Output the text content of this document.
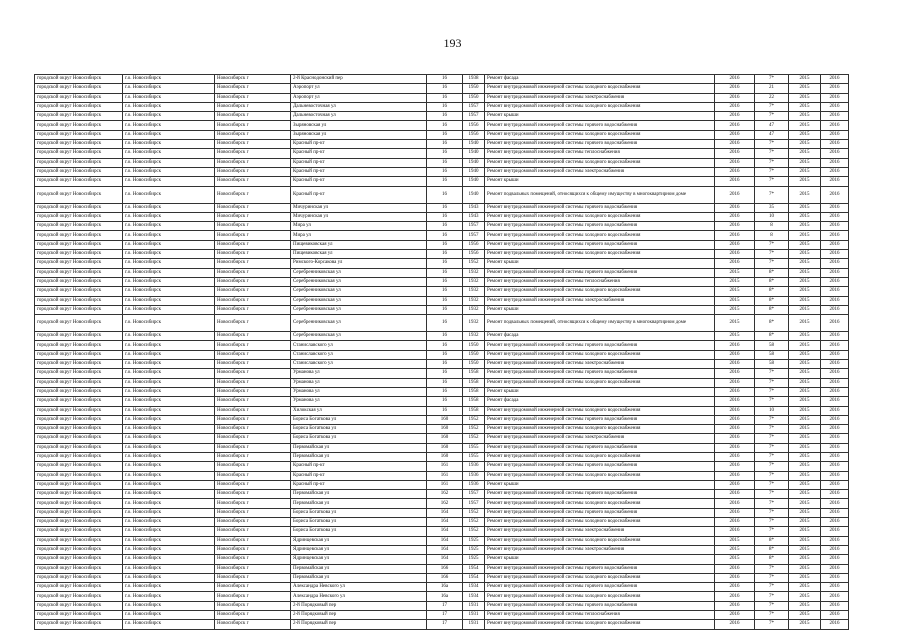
193
городской округ Новосибирск	г.о. Новосибирск	Новосибирск г	2-й Краснодонский пер	16	1938	Ремонт фасада	2016	7*	2015	2016
городской округ Новосибирск	г.о. Новосибирск	Новосибирск г	Аэропорт ул	16	1950	Ремонт внутридомовой инженерной системы холодного водоснабжения	2016	21	2015	2016
городской округ Новосибирск	г.о. Новосибирск	Новосибирск г	Аэропорт ул	16	1950	Ремонт внутридомовой инженерной системы электроснабжения	2016	22	2015	2016
городской округ Новосибирск	г.о. Новосибирск	Новосибирск г	Дальневосточная ул	16	1957	Ремонт внутридомовой инженерной системы холодного водоснабжения	2016	7*	2015	2016
городской округ Новосибирск	г.о. Новосибирск	Новосибирск г	Дальневосточная ул	16	1957	Ремонт крыши	2016	7*	2015	2016
городской округ Новосибирск	г.о. Новосибирск	Новосибирск г	Зыряновская ул	16	1956	Ремонт внутридомовой инженерной системы горячего водоснабжения	2016	47	2015	2016
городской округ Новосибирск	г.о. Новосибирск	Новосибирск г	Зыряновская ул	16	1956	Ремонт внутридомовой инженерной системы холодного водоснабжения	2016	47	2015	2016
городской округ Новосибирск	г.о. Новосибирск	Новосибирск г	Красный пр-кт	16	1940	Ремонт внутридомовой инженерной системы горячего водоснабжения	2016	7*	2015	2016
городской округ Новосибирск	г.о. Новосибирск	Новосибирск г	Красный пр-кт	16	1940	Ремонт внутридомовой инженерной системы теплоснабжения	2016	7*	2015	2016
городской округ Новосибирск	г.о. Новосибирск	Новосибирск г	Красный пр-кт	16	1940	Ремонт внутридомовой инженерной системы холодного водоснабжения	2016	7*	2015	2016
городской округ Новосибирск	г.о. Новосибирск	Новосибирск г	Красный пр-кт	16	1940	Ремонт внутридомовой инженерной системы электроснабжения	2016	7*	2015	2016
городской округ Новосибирск	г.о. Новосибирск	Новосибирск г	Красный пр-кт	16	1940	Ремонт крыши	2016	7*	2015	2016
городской округ Новосибирск	г.о. Новосибирск	Новосибирск г	Красный пр-кт	16	1940	Ремонт подвальных помещений, относящихся к общему имуществу в многоквартирном доме	2016	7*	2015	2016
городской округ Новосибирск	г.о. Новосибирск	Новосибирск г	Мичуринская ул	16	1943	Ремонт внутридомовой инженерной системы горячего водоснабжения	2016	35	2015	2016
городской округ Новосибирск	г.о. Новосибирск	Новосибирск г	Мичуринская ул	16	1943	Ремонт внутридомовой инженерной системы холодного водоснабжения	2016	10	2015	2016
городской округ Новосибирск	г.о. Новосибирск	Новосибирск г	Мира ул	16	1957	Ремонт внутридомовой инженерной системы горячего водоснабжения	2016	8	2015	2016
городской округ Новосибирск	г.о. Новосибирск	Новосибирск г	Мира ул	16	1957	Ремонт внутридомовой инженерной системы холодного водоснабжения	2016	8	2015	2016
городской округ Новосибирск	г.о. Новосибирск	Новосибирск г	Пищевиковская ул	16	1956	Ремонт внутридомовой инженерной системы горячего водоснабжения	2016	7*	2015	2016
городской округ Новосибирск	г.о. Новосибирск	Новосибирск г	Пищевиковская ул	16	1956	Ремонт внутридомовой инженерной системы холодного водоснабжения	2016	7*	2015	2016
городской округ Новосибирск	г.о. Новосибирск	Новосибирск г	Римского-Корсакова ул	16	1952	Ремонт крыши	2016	7*	2015	2016
городской округ Новосибирск	г.о. Новосибирск	Новосибирск г	Серебренниковская ул	16	1932	Ремонт внутридомовой инженерной системы горячего водоснабжения	2015	8*	2015	2016
городской округ Новосибирск	г.о. Новосибирск	Новосибирск г	Серебренниковская ул	16	1932	Ремонт внутридомовой инженерной системы теплоснабжения	2015	8*	2015	2016
городской округ Новосибирск	г.о. Новосибирск	Новосибирск г	Серебренниковская ул	16	1932	Ремонт внутридомовой инженерной системы холодного водоснабжения	2015	8*	2015	2016
городской округ Новосибирск	г.о. Новосибирск	Новосибирск г	Серебренниковская ул	16	1932	Ремонт внутридомовой инженерной системы электроснабжения	2015	8*	2015	2016
городской округ Новосибирск	г.о. Новосибирск	Новосибирск г	Серебренниковская ул	16	1932	Ремонт крыши	2015	8*	2015	2016
городской округ Новосибирск	г.о. Новосибирск	Новосибирск г	Серебренниковская ул	16	1932	Ремонт подвальных помещений, относящихся к общему имуществу в многоквартирном доме	2015	8*	2015	2016
городской округ Новосибирск	г.о. Новосибирск	Новосибирск г	Серебренниковская ул	16	1932	Ремонт фасада	2015	8*	2015	2016
городской округ Новосибирск	г.о. Новосибирск	Новосибирск г	Станиславского ул	16	1950	Ремонт внутридомовой инженерной системы горячего водоснабжения	2016	58	2015	2016
городской округ Новосибирск	г.о. Новосибирск	Новосибирск г	Станиславского ул	16	1950	Ремонт внутридомовой инженерной системы холодного водоснабжения	2016	58	2015	2016
городской округ Новосибирск	г.о. Новосибирск	Новосибирск г	Станиславского ул	16	1950	Ремонт внутридомовой инженерной системы электроснабжения	2016	58	2015	2016
городской округ Новосибирск	г.о. Новосибирск	Новосибирск г	Урманова ул	16	1958	Ремонт внутридомовой инженерной системы горячего водоснабжения	2016	7*	2015	2016
городской округ Новосибирск	г.о. Новосибирск	Новосибирск г	Урманова ул	16	1958	Ремонт внутридомовой инженерной системы холодного водоснабжения	2016	7*	2015	2016
городской округ Новосибирск	г.о. Новосибирск	Новосибирск г	Урманова ул	16	1958	Ремонт крыши	2016	7*	2015	2016
городской округ Новосибирск	г.о. Новосибирск	Новосибирск г	Урманова ул	16	1958	Ремонт фасада	2016	7*	2015	2016
городской округ Новосибирск	г.о. Новосибирск	Новосибирск г	Хилокская ул	16	1958	Ремонт внутридомовой инженерной системы холодного водоснабжения	2016	10	2015	2016
городской округ Новосибирск	г.о. Новосибирск	Новосибирск г	Бориса Богаткова ул	160	1952	Ремонт внутридомовой инженерной системы горячего водоснабжения	2016	7*	2015	2016
городской округ Новосибирск	г.о. Новосибирск	Новосибирск г	Бориса Богаткова ул	160	1952	Ремонт внутридомовой инженерной системы холодного водоснабжения	2016	7*	2015	2016
городской округ Новосибирск	г.о. Новосибирск	Новосибирск г	Бориса Богаткова ул	160	1952	Ремонт внутридомовой инженерной системы электроснабжения	2016	7*	2015	2016
городской округ Новосибирск	г.о. Новосибирск	Новосибирск г	Первомайская ул	160	1955	Ремонт внутридомовой инженерной системы горячего водоснабжения	2016	7*	2015	2016
городской округ Новосибирск	г.о. Новосибирск	Новосибирск г	Первомайская ул	160	1955	Ремонт внутридомовой инженерной системы холодного водоснабжения	2016	7*	2015	2016
городской округ Новосибирск	г.о. Новосибирск	Новосибирск г	Красный пр-кт	161	1936	Ремонт внутридомовой инженерной системы горячего водоснабжения	2016	7*	2015	2016
городской округ Новосибирск	г.о. Новосибирск	Новосибирск г	Красный пр-кт	161	1936	Ремонт внутридомовой инженерной системы холодного водоснабжения	2016	7*	2015	2016
городской округ Новосибирск	г.о. Новосибирск	Новосибирск г	Красный пр-кт	161	1936	Ремонт крыши	2016	7*	2015	2016
городской округ Новосибирск	г.о. Новосибирск	Новосибирск г	Первомайская ул	162	1957	Ремонт внутридомовой инженерной системы горячего водоснабжения	2016	7*	2015	2016
городской округ Новосибирск	г.о. Новосибирск	Новосибирск г	Первомайская ул	162	1957	Ремонт внутридомовой инженерной системы холодного водоснабжения	2016	7*	2015	2016
городской округ Новосибирск	г.о. Новосибирск	Новосибирск г	Бориса Богаткова ул	164	1952	Ремонт внутридомовой инженерной системы горячего водоснабжения	2016	7*	2015	2016
городской округ Новосибирск	г.о. Новосибирск	Новосибирск г	Бориса Богаткова ул	164	1952	Ремонт внутридомовой инженерной системы холодного водоснабжения	2016	7*	2015	2016
городской округ Новосибирск	г.о. Новосибирск	Новосибирск г	Бориса Богаткова ул	164	1952	Ремонт внутридомовой инженерной системы электроснабжения	2016	7*	2015	2016
городской округ Новосибирск	г.о. Новосибирск	Новосибирск г	Ядринцевская ул	164	1925	Ремонт внутридомовой инженерной системы холодного водоснабжения	2015	8*	2015	2016
городской округ Новосибирск	г.о. Новосибирск	Новосибирск г	Ядринцевская ул	164	1925	Ремонт внутридомовой инженерной системы электроснабжения	2015	8*	2015	2016
городской округ Новосибирск	г.о. Новосибирск	Новосибирск г	Ядринцевская ул	164	1925	Ремонт крыши	2015	8*	2015	2016
городской округ Новосибирск	г.о. Новосибирск	Новосибирск г	Первомайская ул	166	1954	Ремонт внутридомовой инженерной системы горячего водоснабжения	2016	7*	2015	2016
городской округ Новосибирск	г.о. Новосибирск	Новосибирск г	Первомайская ул	166	1954	Ремонт внутридомовой инженерной системы холодного водоснабжения	2016	7*	2015	2016
городской округ Новосибирск	г.о. Новосибирск	Новосибирск г	Александра Невского ул	16а	1934	Ремонт внутридомовой инженерной системы горячего водоснабжения	2016	7*	2015	2016
городской округ Новосибирск	г.о. Новосибирск	Новосибирск г	Александра Невского ул	16а	1934	Ремонт внутридомовой инженерной системы холодного водоснабжения	2016	7*	2015	2016
городской округ Новосибирск	г.о. Новосибирск	Новосибирск г	2-й Порядковый пер	17	1931	Ремонт внутридомовой инженерной системы горячего водоснабжения	2016	7*	2015	2016
городской округ Новосибирск	г.о. Новосибирск	Новосибирск г	2-й Порядковый пер	17	1931	Ремонт внутридомовой инженерной системы теплоснабжения	2016	7*	2015	2016
городской округ Новосибирск	г.о. Новосибирск	Новосибирск г	2-й Порядковый пер	17	1931	Ремонт внутридомовой инженерной системы холодного водоснабжения	2016	7*	2015	2016
